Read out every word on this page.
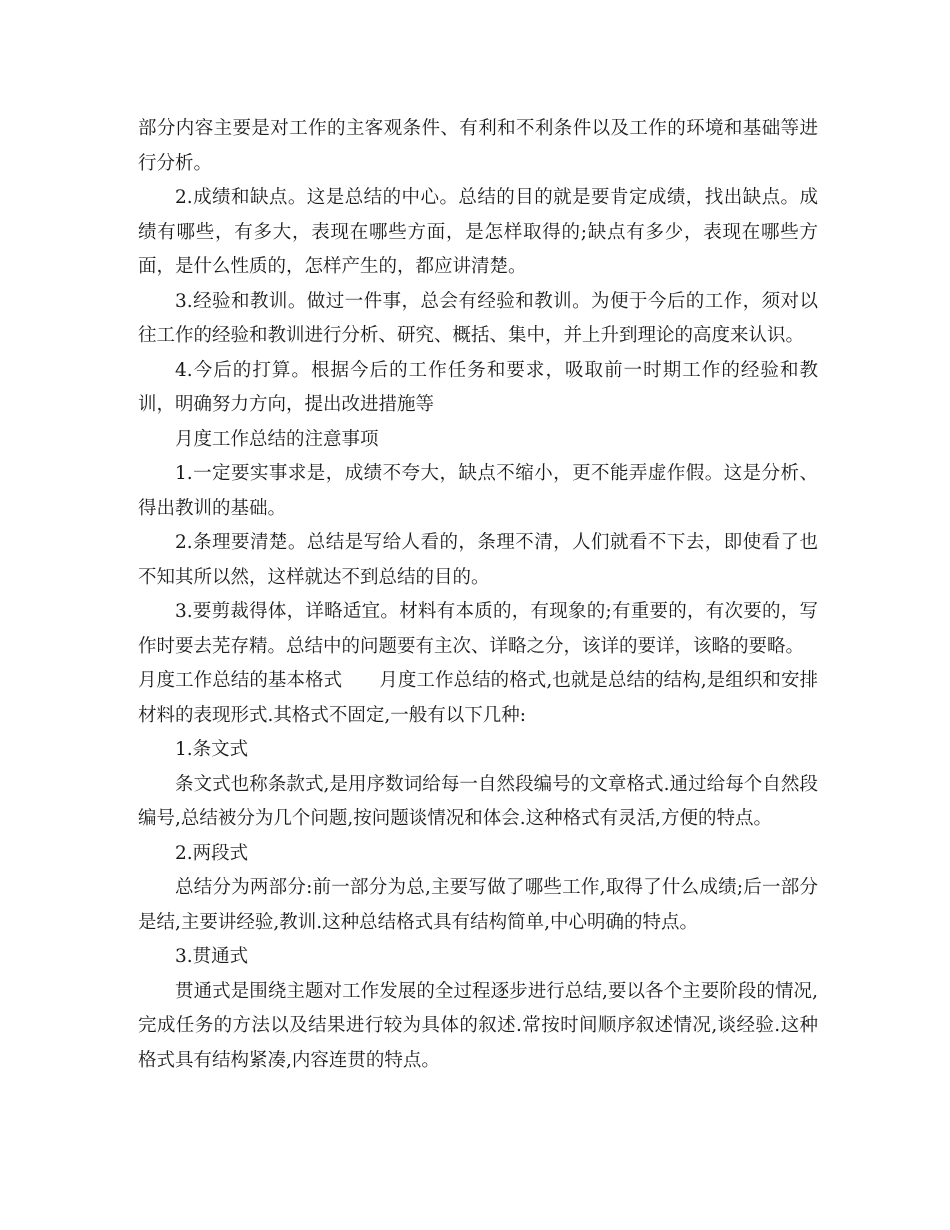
部分内容主要是对工作的主客观条件、有利和不利条件以及工作的环境和基础等进行分析。

2.成绩和缺点。这是总结的中心。总结的目的就是要肯定成绩，找出缺点。成绩有哪些，有多大，表现在哪些方面，是怎样取得的;缺点有多少，表现在哪些方面，是什么性质的，怎样产生的，都应讲清楚。

3.经验和教训。做过一件事，总会有经验和教训。为便于今后的工作，须对以往工作的经验和教训进行分析、研究、概括、集中，并上升到理论的高度来认识。

4.今后的打算。根据今后的工作任务和要求，吸取前一时期工作的经验和教训，明确努力方向，提出改进措施等

月度工作总结的注意事项

1.一定要实事求是，成绩不夸大，缺点不缩小，更不能弄虚作假。这是分析、得出教训的基础。

2.条理要清楚。总结是写给人看的，条理不清，人们就看不下去，即使看了也不知其所以然，这样就达不到总结的目的。

3.要剪裁得体，详略适宜。材料有本质的，有现象的;有重要的，有次要的，写作时要去芜存精。总结中的问题要有主次、详略之分，该详的要详，该略的要略。

月度工作总结的基本格式　　月度工作总结的格式,也就是总结的结构,是组织和安排材料的表现形式.其格式不固定,一般有以下几种:

1.条文式

条文式也称条款式,是用序数词给每一自然段编号的文章格式.通过给每个自然段编号,总结被分为几个问题,按问题谈情况和体会.这种格式有灵活,方便的特点。

2.两段式

总结分为两部分:前一部分为总,主要写做了哪些工作,取得了什么成绩;后一部分是结,主要讲经验,教训.这种总结格式具有结构简单,中心明确的特点。

3.贯通式

贯通式是围绕主题对工作发展的全过程逐步进行总结,要以各个主要阶段的情况,完成任务的方法以及结果进行较为具体的叙述.常按时间顺序叙述情况,谈经验.这种格式具有结构紧凑,内容连贯的特点。
